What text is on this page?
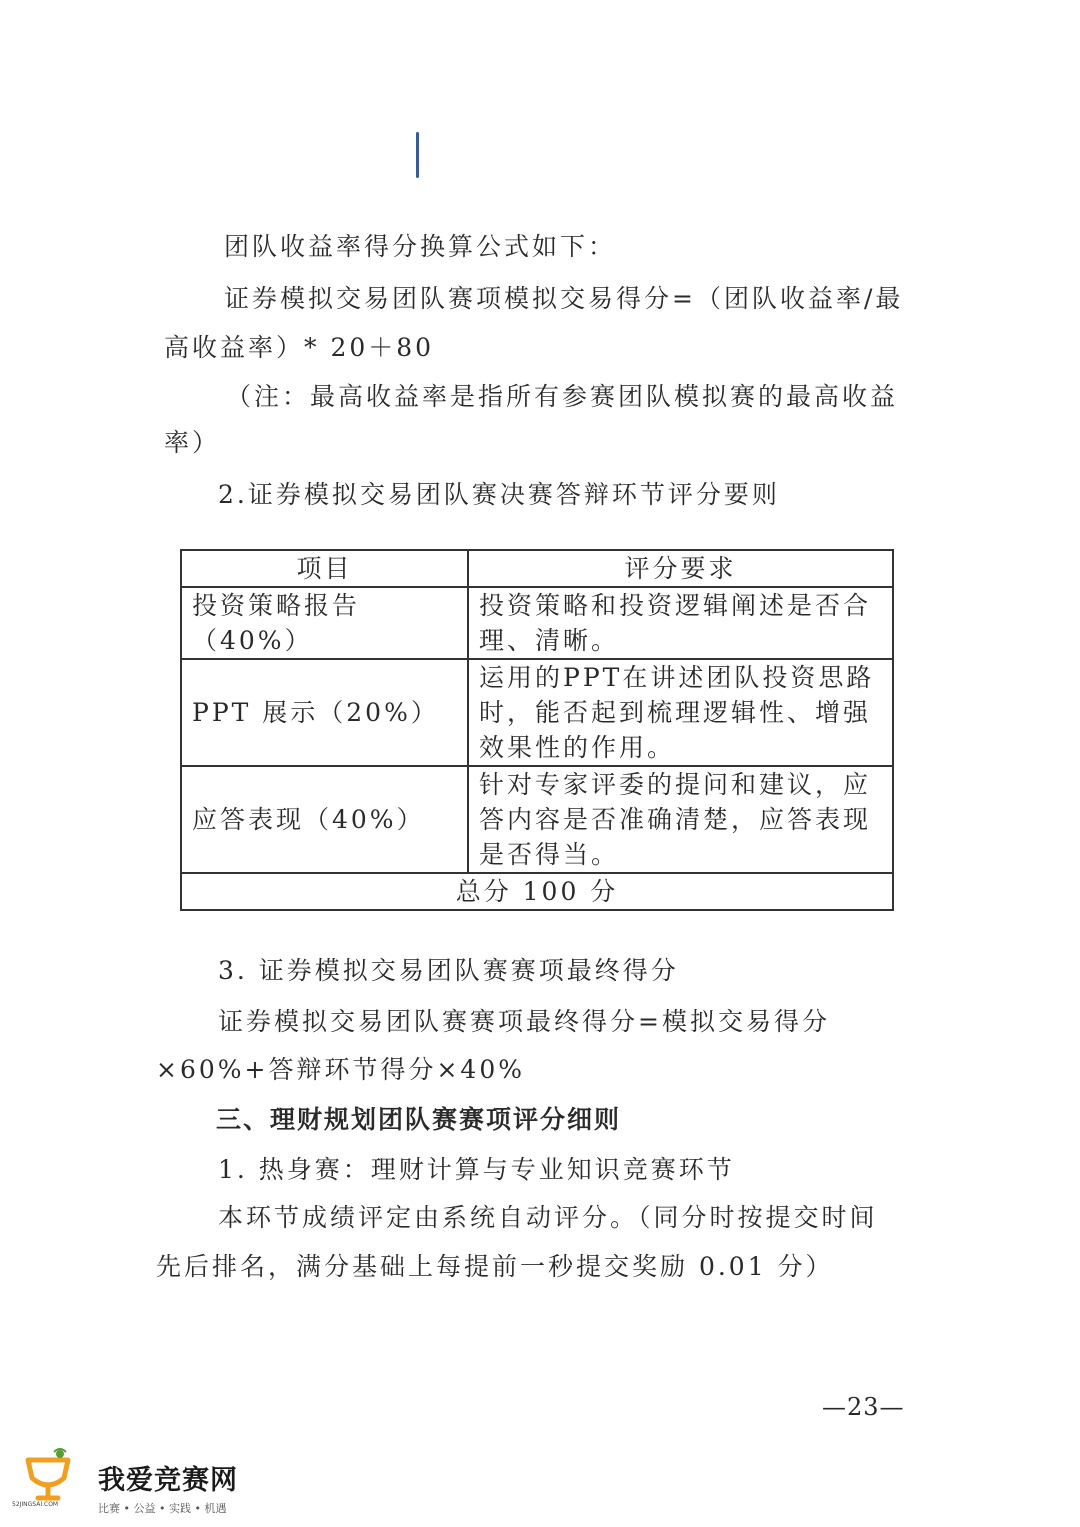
团队收益率得分换算公式如下：
证券模拟交易团队赛项模拟交易得分=（团队收益率/最
高收益率）* 20＋80
（注：最高收益率是指所有参赛团队模拟赛的最高收益
率）
2.证券模拟交易团队赛决赛答辩环节评分要则
项目	评分要求
投资策略报告（40%）	投资策略和投资逻辑阐述是否合理、清晰。
PPT 展示（20%）	运用的PPT在讲述团队投资思路时，能否起到梳理逻辑性、增强效果性的作用。
应答表现（40%）	针对专家评委的提问和建议，应答内容是否准确清楚，应答表现是否得当。
总分 100 分	
3. 证券模拟交易团队赛赛项最终得分
证券模拟交易团队赛赛项最终得分=模拟交易得分
×60%+答辩环节得分×40%
三、理财规划团队赛赛项评分细则
1. 热身赛：理财计算与专业知识竞赛环节
本环节成绩评定由系统自动评分。（同分时按提交时间
先后排名，满分基础上每提前一秒提交奖励 0.01 分）
—23—
我爱竞赛网
比赛 • 公益 • 实践 • 机遇
52JINGSAI.COM
